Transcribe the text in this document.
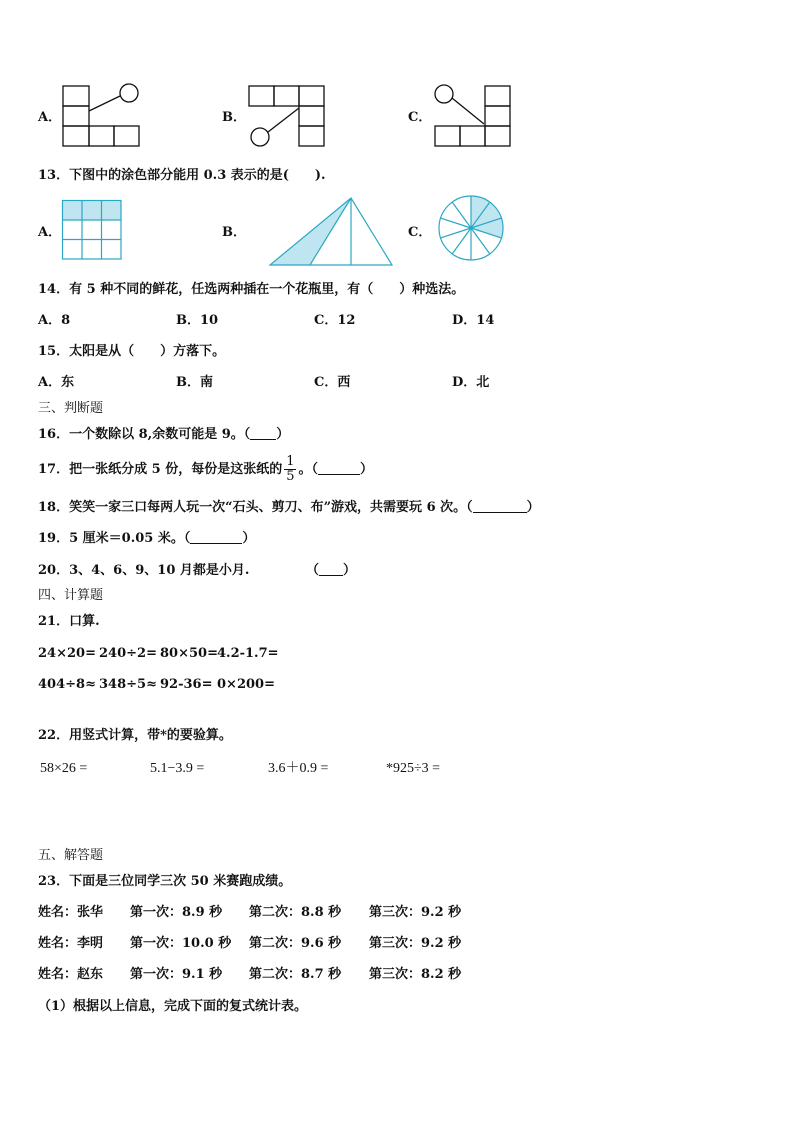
A．	B．	C．
13．下图中的涂色部分能用 0.3 表示的是(　　).
A．	B．	C．
14．有 5 种不同的鲜花，任选两种插在一个花瓶里，有（　　）种选法。
A．8	B．10	C．12	D．14
15．太阳是从（　　）方落下。
A．东	B．南	C．西	D．北
三、判断题
16．一个数除以 8,余数可能是 9。（ ）
17．把一张纸分成 5 份，每份是这张纸的 $\frac{1}{5}$ 。（	）
18．笑笑一家三口每两人玩一次“石头、剪刀、布”游戏，共需要玩 6 次。（	）
19．5 厘米＝0.05 米。（	）
20．3、4、6、9、10 月都是小月.	（ ）
四、计算题
21．口算.
24×20= 240÷2= 80×50= 4.2-1.7=
404÷8≈ 348÷5≈ 92-36= 0×200=
22．用竖式计算，带*的要验算。
58×26 =	5.1−3.9 =	3.6＋0.9 =	*925÷3 =
五、解答题
23．下面是三位同学三次 50 米赛跑成绩。
姓名：张华 第一次：8.9 秒 第二次：8.8 秒 第三次：9.2 秒
姓名：李明 第一次：10.0 秒 第二次：9.6 秒 第三次：9.2 秒
姓名：赵东 第一次：9.1 秒 第二次：8.7 秒 第三次：8.2 秒
（1）根据以上信息，完成下面的复式统计表。
